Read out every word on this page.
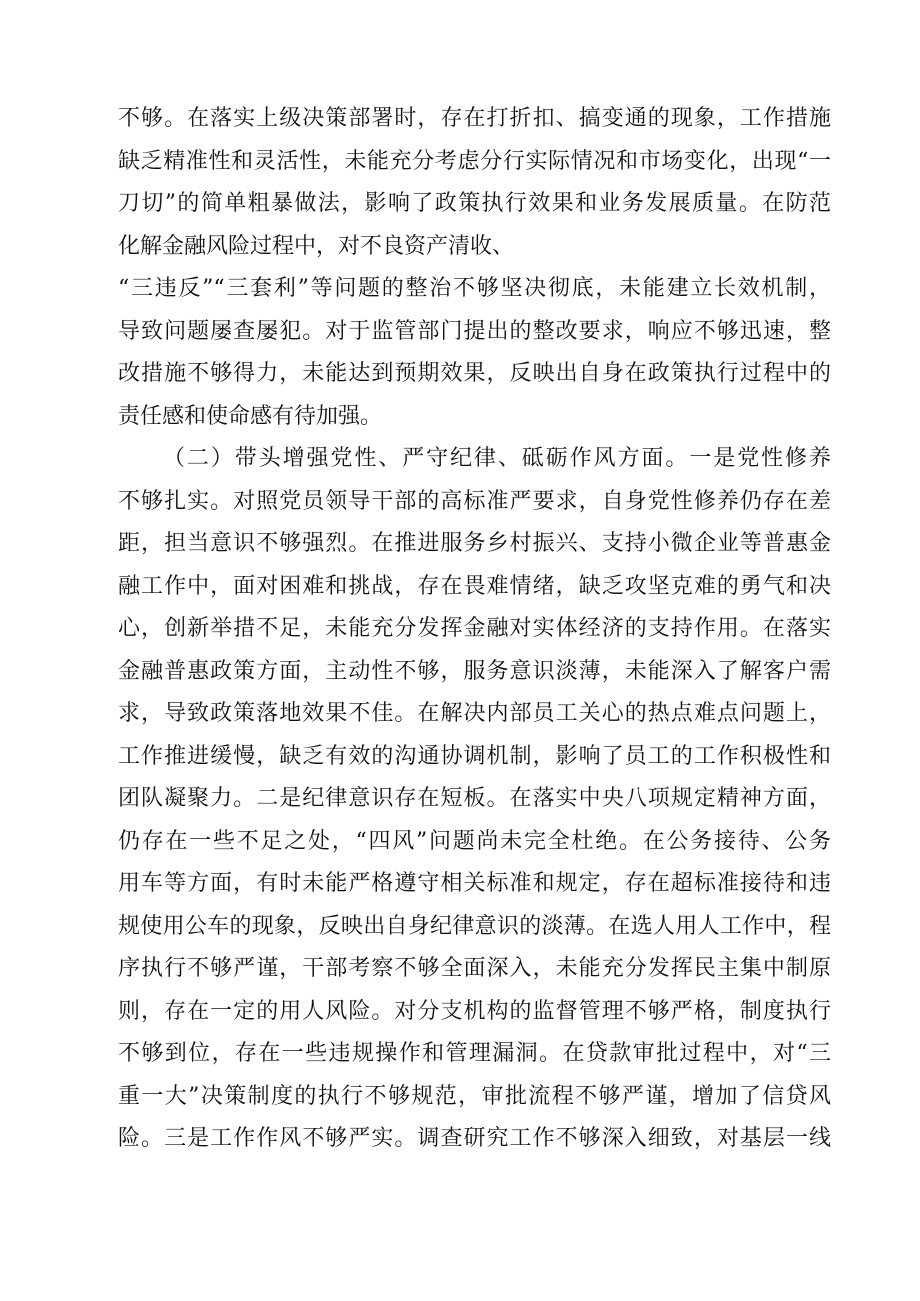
不够。在落实上级决策部署时，存在打折扣、搞变通的现象，工作措施
缺乏精准性和灵活性，未能充分考虑分行实际情况和市场变化，出现“一
刀切”的简单粗暴做法，影响了政策执行效果和业务发展质量。在防范
化解金融风险过程中，对不良资产清收、
“三违反”“三套利”等问题的整治不够坚决彻底，未能建立长效机制，
导致问题屡查屡犯。对于监管部门提出的整改要求，响应不够迅速，整
改措施不够得力，未能达到预期效果，反映出自身在政策执行过程中的
责任感和使命感有待加强。
（二）带头增强党性、严守纪律、砥砺作风方面。一是党性修养
不够扎实。对照党员领导干部的高标准严要求，自身党性修养仍存在差
距，担当意识不够强烈。在推进服务乡村振兴、支持小微企业等普惠金
融工作中，面对困难和挑战，存在畏难情绪，缺乏攻坚克难的勇气和决
心，创新举措不足，未能充分发挥金融对实体经济的支持作用。在落实
金融普惠政策方面，主动性不够，服务意识淡薄，未能深入了解客户需
求，导致政策落地效果不佳。在解决内部员工关心的热点难点问题上，
工作推进缓慢，缺乏有效的沟通协调机制，影响了员工的工作积极性和
团队凝聚力。二是纪律意识存在短板。在落实中央八项规定精神方面，
仍存在一些不足之处，“四风”问题尚未完全杜绝。在公务接待、公务
用车等方面，有时未能严格遵守相关标准和规定，存在超标准接待和违
规使用公车的现象，反映出自身纪律意识的淡薄。在选人用人工作中，程
序执行不够严谨，干部考察不够全面深入，未能充分发挥民主集中制原
则，存在一定的用人风险。对分支机构的监督管理不够严格，制度执行
不够到位，存在一些违规操作和管理漏洞。在贷款审批过程中，对“三
重一大”决策制度的执行不够规范，审批流程不够严谨，增加了信贷风
险。三是工作作风不够严实。调查研究工作不够深入细致，对基层一线
